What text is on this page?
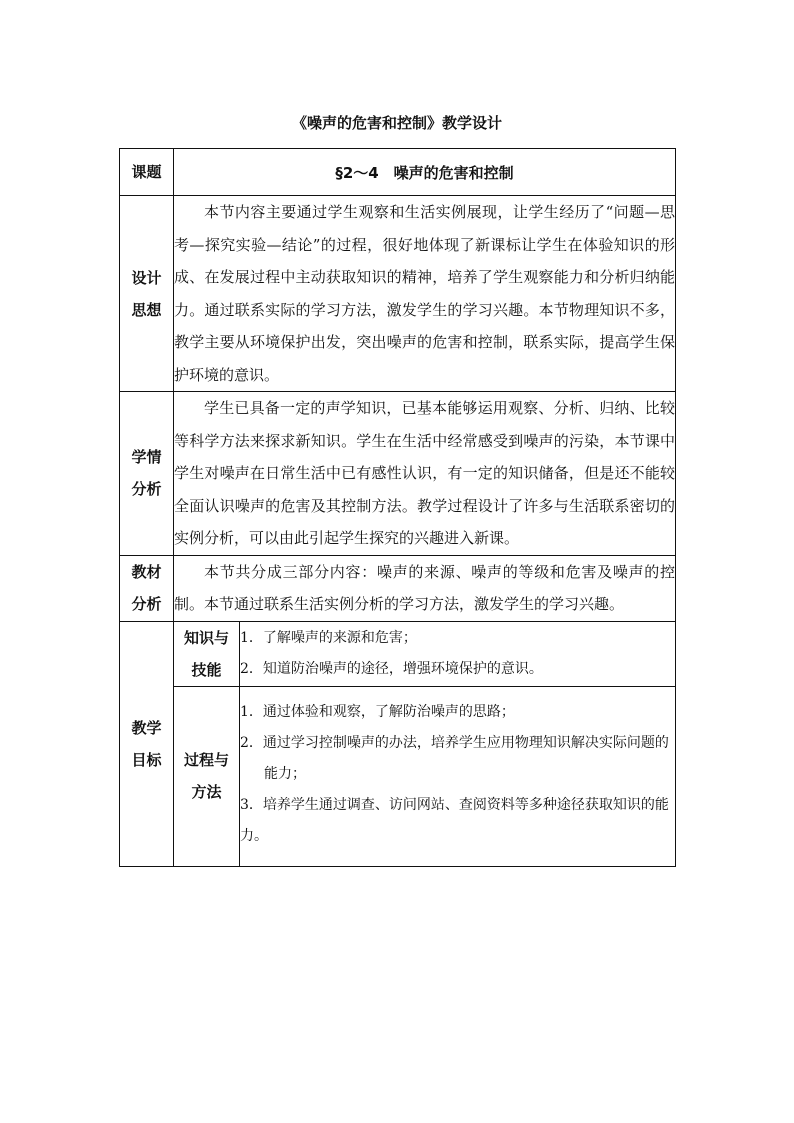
《噪声的危害和控制》教学设计
课题	§2～4　噪声的危害和控制	
设计思想	本节内容主要通过学生观察和生活实例展现，让学生经历了“问题—思考—探究实验—结论”的过程，很好地体现了新课标让学生在体验知识的形成、在发展过程中主动获取知识的精神，培养了学生观察能力和分析归纳能力。通过联系实际的学习方法，激发学生的学习兴趣。本节物理知识不多，教学主要从环境保护出发，突出噪声的危害和控制，联系实际，提高学生保护环境的意识。	
学情分析	学生已具备一定的声学知识，已基本能够运用观察、分析、归纳、比较等科学方法来探求新知识。学生在生活中经常感受到噪声的污染，本节课中学生对噪声在日常生活中已有感性认识，有一定的知识储备，但是还不能较全面认识噪声的危害及其控制方法。教学过程设计了许多与生活联系密切的实例分析，可以由此引起学生探究的兴趣进入新课。	
教材分析	本节共分成三部分内容：噪声的来源、噪声的等级和危害及噪声的控制。本节通过联系生活实例分析的学习方法，激发学生的学习兴趣。	
教学目标	知识与技能	1．了解噪声的来源和危害；
2．知道防治噪声的途径，增强环境保护的意识。

	过程与方法	1．通过体验和观察，了解防治噪声的思路；
2．通过学习控制噪声的办法，培养学生应用物理知识解决实际问题的
能力；
3．培养学生通过调查、访问网站、查阅资料等多种途径获取知识的能力。
